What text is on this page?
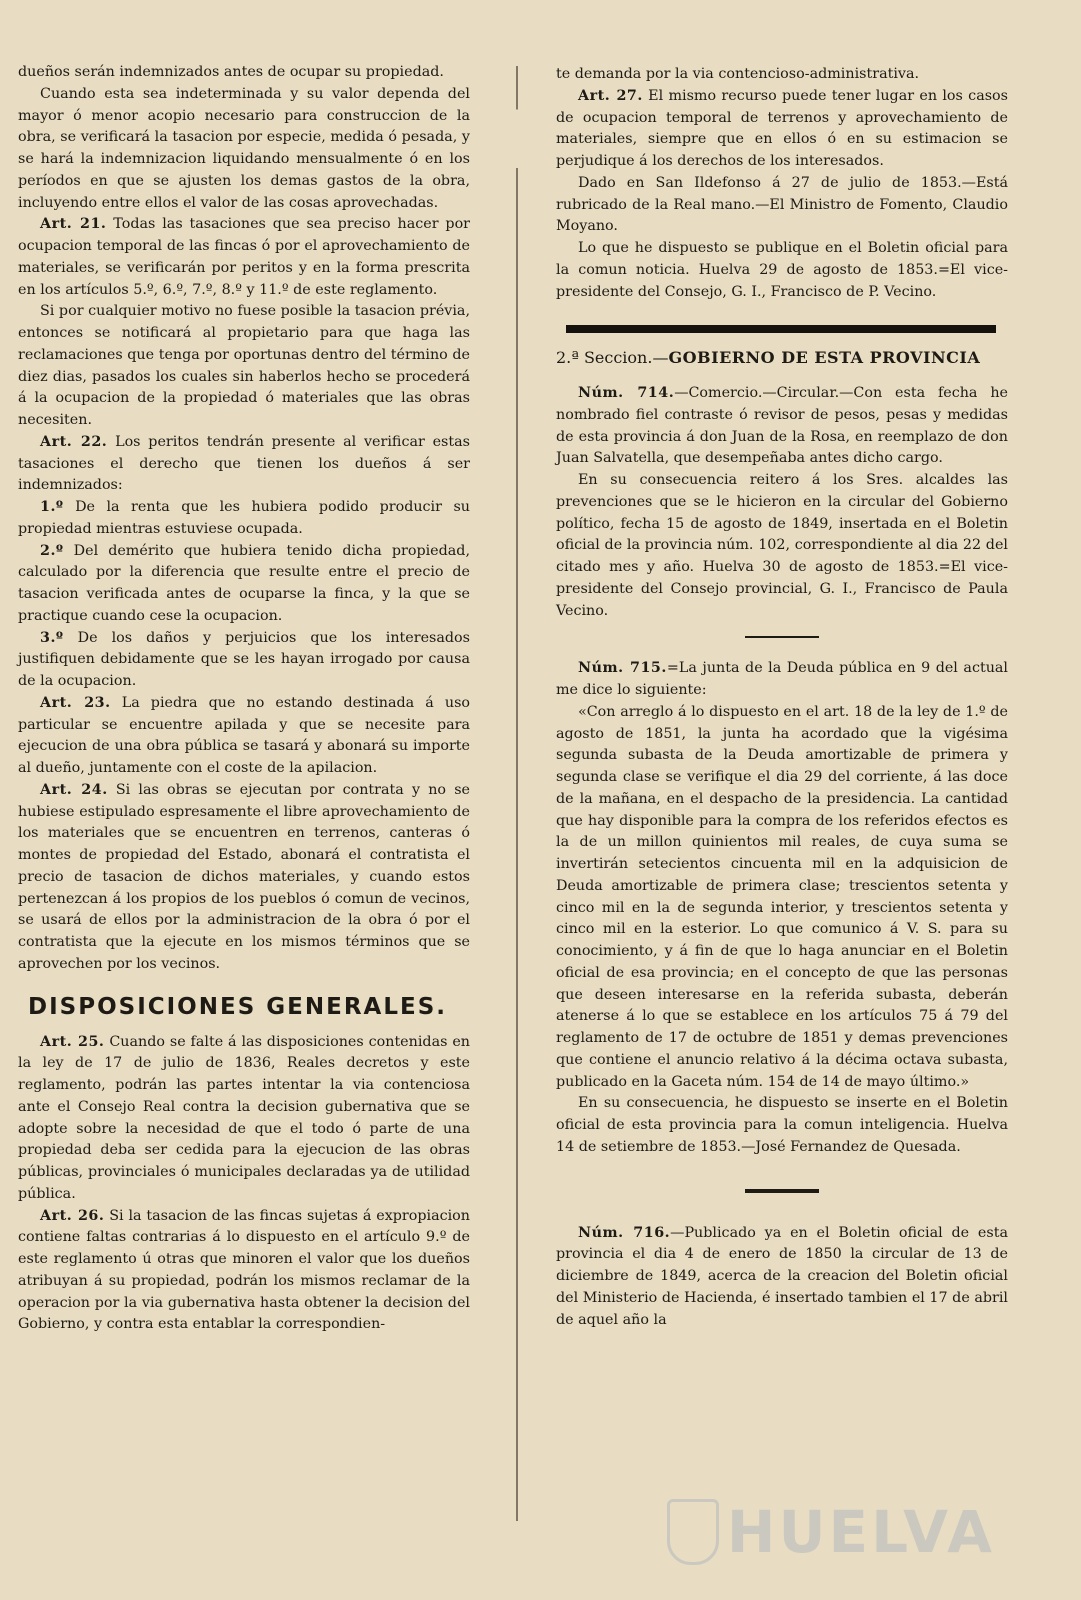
dueños serán indemnizados antes de ocupar su propiedad.

Cuando esta sea indeterminada y su valor dependa del mayor ó menor acopio necesario para construccion de la obra, se verificará la tasacion por especie, medida ó pesada, y se hará la indemnizacion liquidando mensualmente ó en los períodos en que se ajusten los demas gastos de la obra, incluyendo entre ellos el valor de las cosas aprovechadas.

Art. 21. Todas las tasaciones que sea preciso hacer por ocupacion temporal de las fincas ó por el aprovechamiento de materiales, se verificarán por peritos y en la forma prescrita en los artículos 5.º, 6.º, 7.º, 8.º y 11.º de este reglamento.

Si por cualquier motivo no fuese posible la tasacion prévia, entonces se notificará al propietario para que haga las reclamaciones que tenga por oportunas dentro del término de diez dias, pasados los cuales sin haberlos hecho se procederá á la ocupacion de la propiedad ó materiales que las obras necesiten.

Art. 22. Los peritos tendrán presente al verificar estas tasaciones el derecho que tienen los dueños á ser indemnizados:

1.º De la renta que les hubiera podido producir su propiedad mientras estuviese ocupada.

2.º Del demérito que hubiera tenido dicha propiedad, calculado por la diferencia que resulte entre el precio de tasacion verificada antes de ocuparse la finca, y la que se practique cuando cese la ocupacion.

3.º De los daños y perjuicios que los interesados justifiquen debidamente que se les hayan irrogado por causa de la ocupacion.

Art. 23. La piedra que no estando destinada á uso particular se encuentre apilada y que se necesite para ejecucion de una obra pública se tasará y abonará su importe al dueño, juntamente con el coste de la apilacion.

Art. 24. Si las obras se ejecutan por contrata y no se hubiese estipulado espresamente el libre aprovechamiento de los materiales que se encuentren en terrenos, canteras ó montes de propiedad del Estado, abonará el contratista el precio de tasacion de dichos materiales, y cuando estos pertenezcan á los propios de los pueblos ó comun de vecinos, se usará de ellos por la administracion de la obra ó por el contratista que la ejecute en los mismos términos que se aprovechen por los vecinos.

DISPOSICIONES GENERALES.

Art. 25. Cuando se falte á las disposiciones contenidas en la ley de 17 de julio de 1836, Reales decretos y este reglamento, podrán las partes intentar la via contenciosa ante el Consejo Real contra la decision gubernativa que se adopte sobre la necesidad de que el todo ó parte de una propiedad deba ser cedida para la ejecucion de las obras públicas, provinciales ó municipales declaradas ya de utilidad pública.

Art. 26. Si la tasacion de las fincas sujetas á expropiacion contiene faltas contrarias á lo dispuesto en el artículo 9.º de este reglamento ú otras que minoren el valor que los dueños atribuyan á su propiedad, podrán los mismos reclamar de la operacion por la via gubernativa hasta obtener la decision del Gobierno, y contra esta entablar la correspondien-

te demanda por la via contencioso-administrativa.

Art. 27. El mismo recurso puede tener lugar en los casos de ocupacion temporal de terrenos y aprovechamiento de materiales, siempre que en ellos ó en su estimacion se perjudique á los derechos de los interesados.

Dado en San Ildefonso á 27 de julio de 1853.—Está rubricado de la Real mano.—El Ministro de Fomento, Claudio Moyano.

Lo que he dispuesto se publique en el Boletin oficial para la comun noticia. Huelva 29 de agosto de 1853.=El vice-presidente del Consejo, G. I., Francisco de P. Vecino.

2.ª Seccion.—GOBIERNO DE ESTA PROVINCIA

Núm. 714.—Comercio.—Circular.—Con esta fecha he nombrado fiel contraste ó revisor de pesos, pesas y medidas de esta provincia á don Juan de la Rosa, en reemplazo de don Juan Salvatella, que desempeñaba antes dicho cargo.

En su consecuencia reitero á los Sres. alcaldes las prevenciones que se le hicieron en la circular del Gobierno político, fecha 15 de agosto de 1849, insertada en el Boletin oficial de la provincia núm. 102, correspondiente al dia 22 del citado mes y año. Huelva 30 de agosto de 1853.=El vice-presidente del Consejo provincial, G. I., Francisco de Paula Vecino.

Núm. 715.=La junta de la Deuda pública en 9 del actual me dice lo siguiente:

«Con arreglo á lo dispuesto en el art. 18 de la ley de 1.º de agosto de 1851, la junta ha acordado que la vigésima segunda subasta de la Deuda amortizable de primera y segunda clase se verifique el dia 29 del corriente, á las doce de la mañana, en el despacho de la presidencia. La cantidad que hay disponible para la compra de los referidos efectos es la de un millon quinientos mil reales, de cuya suma se invertirán setecientos cincuenta mil en la adquisicion de Deuda amortizable de primera clase; trescientos setenta y cinco mil en la de segunda interior, y trescientos setenta y cinco mil en la esterior. Lo que comunico á V. S. para su conocimiento, y á fin de que lo haga anunciar en el Boletin oficial de esa provincia; en el concepto de que las personas que deseen interesarse en la referida subasta, deberán atenerse á lo que se establece en los artículos 75 á 79 del reglamento de 17 de octubre de 1851 y demas prevenciones que contiene el anuncio relativo á la décima octava subasta, publicado en la Gaceta núm. 154 de 14 de mayo último.»

En su consecuencia, he dispuesto se inserte en el Boletin oficial de esta provincia para la comun inteligencia. Huelva 14 de setiembre de 1853.—José Fernandez de Quesada.

Núm. 716.—Publicado ya en el Boletin oficial de esta provincia el dia 4 de enero de 1850 la circular de 13 de diciembre de 1849, acerca de la creacion del Boletin oficial del Ministerio de Hacienda, é insertado tambien el 17 de abril de aquel año la

HUELVA
